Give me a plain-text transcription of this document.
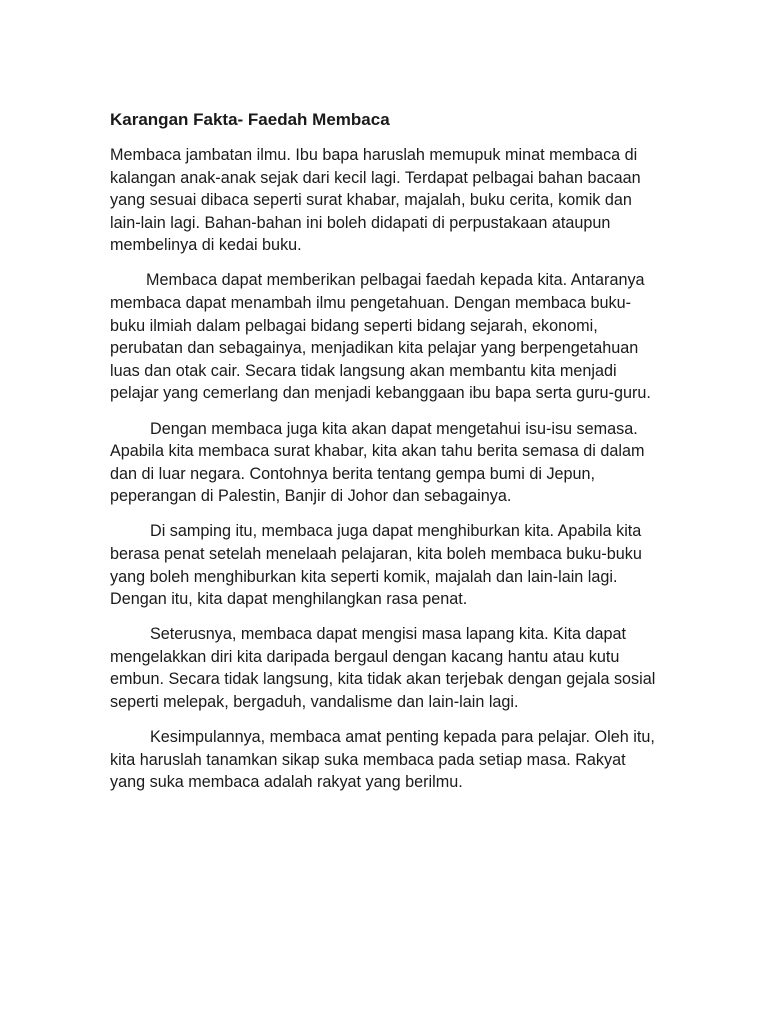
Karangan Fakta- Faedah Membaca

Membaca jambatan ilmu. Ibu bapa haruslah memupuk minat membaca di kalangan anak-anak sejak dari kecil lagi. Terdapat pelbagai bahan bacaan yang sesuai dibaca seperti surat khabar, majalah, buku cerita, komik dan lain-lain lagi. Bahan-bahan ini boleh didapati di perpustakaan ataupun membelinya di kedai buku.

Membaca dapat memberikan pelbagai faedah kepada kita. Antaranya membaca dapat menambah ilmu pengetahuan. Dengan membaca buku-buku ilmiah dalam pelbagai bidang seperti bidang sejarah, ekonomi, perubatan dan sebagainya, menjadikan kita pelajar yang berpengetahuan luas dan otak cair. Secara tidak langsung akan membantu kita menjadi pelajar yang cemerlang dan menjadi kebanggaan ibu bapa serta guru-guru.

Dengan membaca juga kita akan dapat mengetahui isu-isu semasa. Apabila kita membaca surat khabar, kita akan tahu berita semasa di dalam dan di luar negara. Contohnya berita tentang gempa bumi di Jepun, peperangan di Palestin, Banjir di Johor dan sebagainya.

Di samping itu, membaca juga dapat menghiburkan kita. Apabila kita berasa penat setelah menelaah pelajaran, kita boleh membaca buku-buku yang boleh menghiburkan kita seperti komik, majalah dan lain-lain lagi. Dengan itu, kita dapat menghilangkan rasa penat.

Seterusnya, membaca dapat mengisi masa lapang kita. Kita dapat mengelakkan diri kita daripada bergaul dengan kacang hantu atau kutu embun. Secara tidak langsung, kita tidak akan terjebak dengan gejala sosial seperti melepak, bergaduh, vandalisme dan lain-lain lagi.

Kesimpulannya, membaca amat penting kepada para pelajar. Oleh itu, kita haruslah tanamkan sikap suka membaca pada setiap masa. Rakyat yang suka membaca adalah rakyat yang berilmu.
